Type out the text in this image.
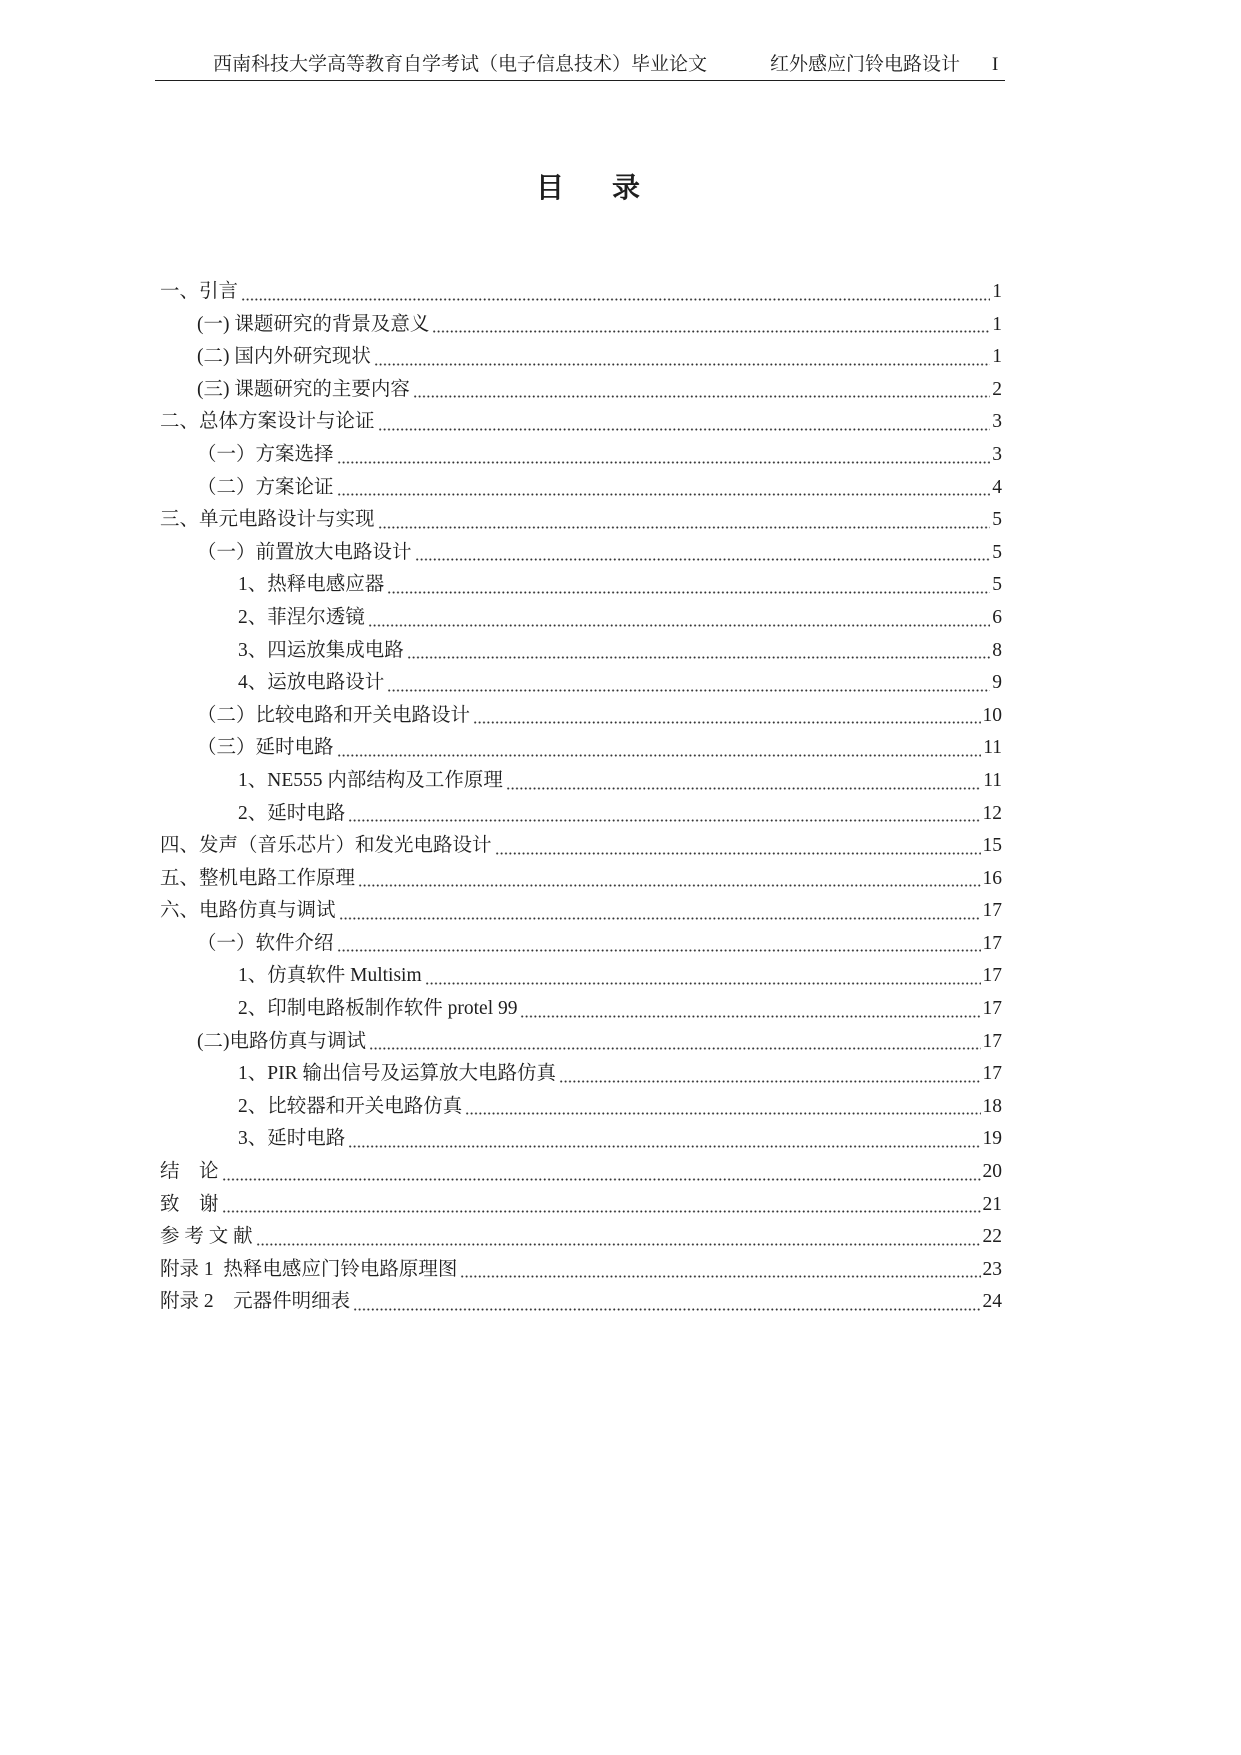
西南科技大学高等教育自学考试（电子信息技术）毕业论文	红外感应门铃电路设计 I
目　录
一、引言	1
(一) 课题研究的背景及意义	1
(二) 国内外研究现状	1
(三) 课题研究的主要内容	2
二、总体方案设计与论证	3
（一）方案选择	3
（二）方案论证	4
三、单元电路设计与实现	5
（一）前置放大电路设计	5
1、热释电感应器	5
2、菲涅尔透镜	6
3、四运放集成电路	8
4、运放电路设计	9
（二）比较电路和开关电路设计	10
（三）延时电路	11
1、NE555 内部结构及工作原理	11
2、延时电路	12
四、发声（音乐芯片）和发光电路设计	15
五、整机电路工作原理	16
六、电路仿真与调试	17
（一）软件介绍	17
1、仿真软件 Multisim	17
2、印制电路板制作软件 protel 99	17
(二)电路仿真与调试	17
1、PIR 输出信号及运算放大电路仿真	17
2、比较器和开关电路仿真	18
3、延时电路	19
结　论	20
致　谢	21
参 考 文 献	22
附录 1  热释电感应门铃电路原理图	23
附录 2    元器件明细表	24
